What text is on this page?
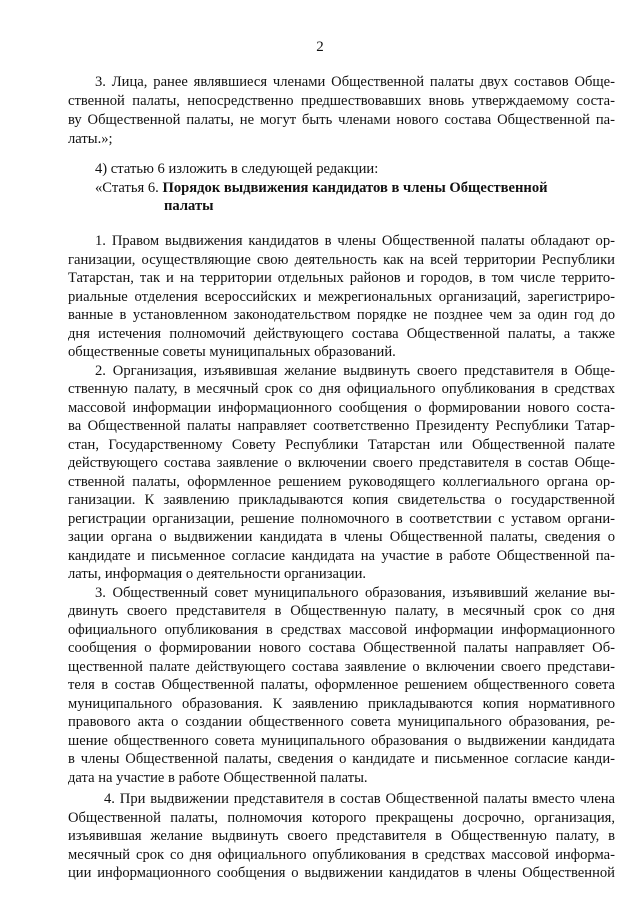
2
3. Лица, ранее являвшиеся членами Общественной палаты двух составов Обще-
ственной палаты, непосредственно предшествовавших вновь утверждаемому соста-
ву Общественной палаты, не могут быть членами нового состава Общественной па-
латы.»;
4) статью 6 изложить в следующей редакции:
«Статья 6. Порядок выдвижения кандидатов в члены Общественной
палаты
1. Правом выдвижения кандидатов в члены Общественной палаты обладают ор-
ганизации, осуществляющие свою деятельность как на всей территории Республики
Татарстан, так и на территории отдельных районов и городов, в том числе террито-
риальные отделения всероссийских и межрегиональных организаций, зарегистриро-
ванные в установленном законодательством порядке не позднее чем за один год до
дня истечения полномочий действующего состава Общественной палаты, а также
общественные советы муниципальных образований.
2. Организация, изъявившая желание выдвинуть своего представителя в Обще-
ственную палату, в месячный срок со дня официального опубликования в средствах
массовой информации информационного сообщения о формировании нового соста-
ва Общественной палаты направляет соответственно Президенту Республики Татар-
стан, Государственному Совету Республики Татарстан или Общественной палате
действующего состава заявление о включении своего представителя в состав Обще-
ственной палаты, оформленное решением руководящего коллегиального органа ор-
ганизации. К заявлению прикладываются копия свидетельства о государственной
регистрации организации, решение полномочного в соответствии с уставом органи-
зации органа о выдвижении кандидата в члены Общественной палаты, сведения о
кандидате и письменное согласие кандидата на участие в работе Общественной па-
латы, информация о деятельности организации.
3. Общественный совет муниципального образования, изъявивший желание вы-
двинуть своего представителя в Общественную палату, в месячный срок со дня
официального опубликования в средствах массовой информации информационного
сообщения о формировании нового состава Общественной палаты направляет Об-
щественной палате действующего состава заявление о включении своего представи-
теля в состав Общественной палаты, оформленное решением общественного совета
муниципального образования. К заявлению прикладываются копия нормативного
правового акта о создании общественного совета муниципального образования, ре-
шение общественного совета муниципального образования о выдвижении кандидата
в члены Общественной палаты, сведения о кандидате и письменное согласие канди-
дата на участие в работе Общественной палаты.
4. При выдвижении представителя в состав Общественной палаты вместо члена
Общественной палаты, полномочия которого прекращены досрочно, организация,
изъявившая желание выдвинуть своего представителя в Общественную палату, в
месячный срок со дня официального опубликования в средствах массовой информа-
ции информационного сообщения о выдвижении кандидатов в члены Общественной
